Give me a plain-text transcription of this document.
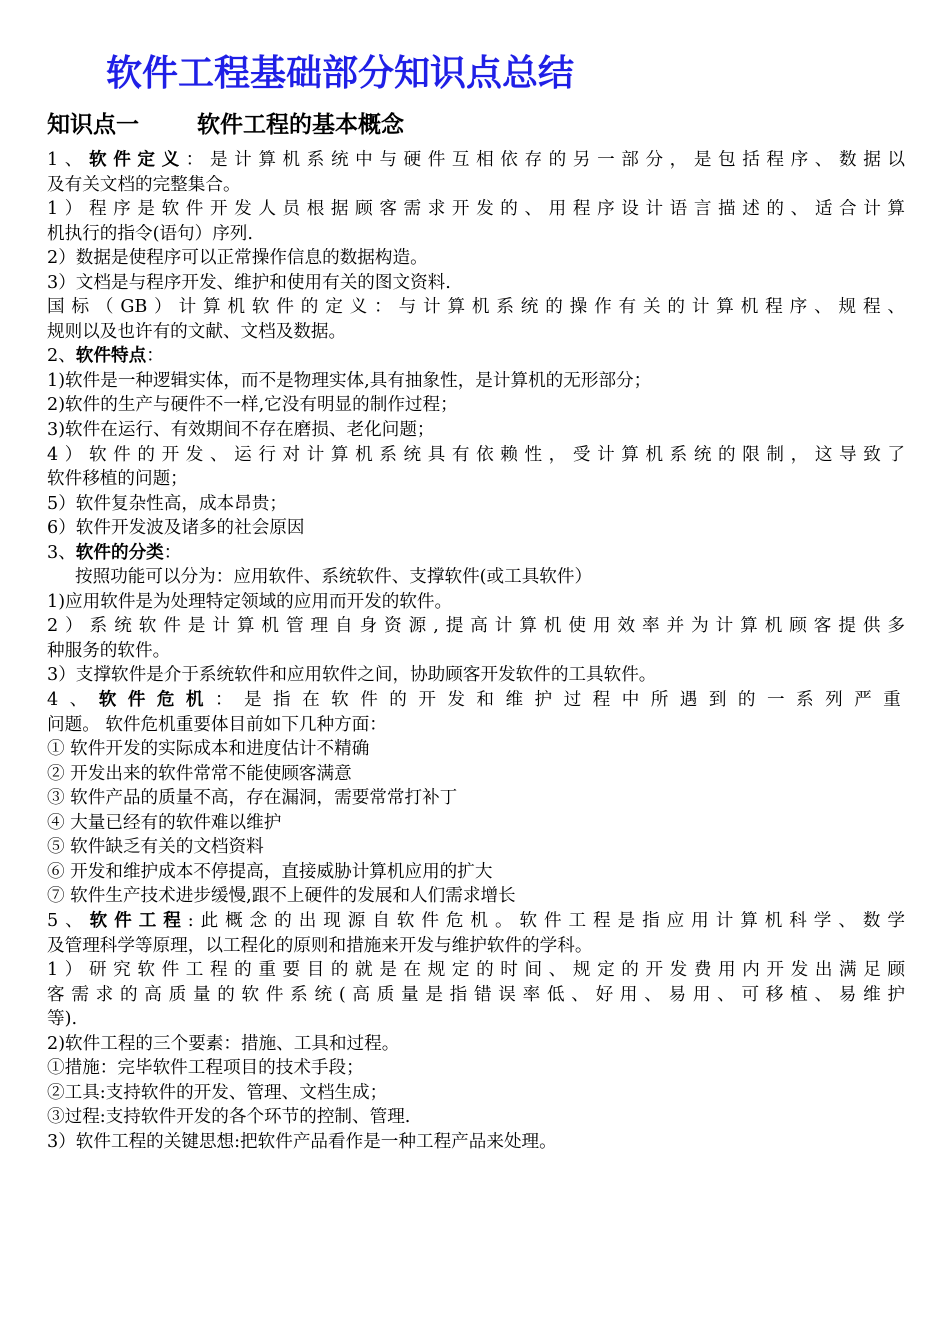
软件工程基础部分知识点总结
知识点一	软件工程的基本概念
1、软件定义：是计算机系统中与硬件互相依存的另一部分，是包括程序、数据以
及有关文档的完整集合。
1）程序是软件开发人员根据顾客需求开发的、用程序设计语言描述的、适合计算
机执行的指令(语句）序列.
2）数据是使程序可以正常操作信息的数据构造。
3）文档是与程序开发、维护和使用有关的图文资料.
国标（GB）计算机软件的定义：与计算机系统的操作有关的计算机程序、规程、
规则以及也许有的文献、文档及数据。
2、软件特点：
1)软件是一种逻辑实体，而不是物理实体,具有抽象性，是计算机的无形部分；
2)软件的生产与硬件不一样,它没有明显的制作过程；
3)软件在运行、有效期间不存在磨损、老化问题；
4）软件的开发、运行对计算机系统具有依赖性，受计算机系统的限制，这导致了
软件移植的问题；
5）软件复杂性高，成本昂贵；
6）软件开发波及诸多的社会原因
3、软件的分类：
按照功能可以分为：应用软件、系统软件、支撑软件(或工具软件）
1)应用软件是为处理特定领域的应用而开发的软件。
2）系统软件是计算机管理自身资源,提高计算机使用效率并为计算机顾客提供多
种服务的软件。
3）支撑软件是介于系统软件和应用软件之间，协助顾客开发软件的工具软件。
4、软件危机：是指在软件的开发和维护过程中所遇到的一系列严重
问题。 软件危机重要体目前如下几种方面：
① 软件开发的实际成本和进度估计不精确
② 开发出来的软件常常不能使顾客满意
③ 软件产品的质量不高，存在漏洞，需要常常打补丁
④ 大量已经有的软件难以维护
⑤ 软件缺乏有关的文档资料
⑥ 开发和维护成本不停提高，直接威胁计算机应用的扩大
⑦ 软件生产技术进步缓慢,跟不上硬件的发展和人们需求增长
5、软件工程:此概念的出现源自软件危机。软件工程是指应用计算机科学、数学
及管理科学等原理，以工程化的原则和措施来开发与维护软件的学科。
1）研究软件工程的重要目的就是在规定的时间、规定的开发费用内开发出满足顾
客需求的高质量的软件系统(高质量是指错误率低、好用、易用、可移植、易维护
等).
2)软件工程的三个要素：措施、工具和过程。
①措施：完毕软件工程项目的技术手段；
②工具:支持软件的开发、管理、文档生成；
③过程:支持软件开发的各个环节的控制、管理.
3）软件工程的关键思想:把软件产品看作是一种工程产品来处理。
